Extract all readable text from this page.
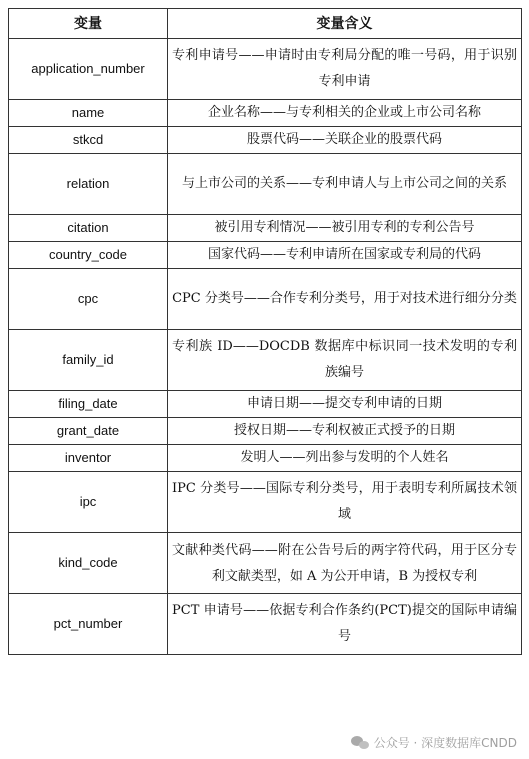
变量	变量含义
application_number	专利申请号——申请时由专利局分配的唯一号码，用于识别专利申请
name	企业名称——与专利相关的企业或上市公司名称
stkcd	股票代码——关联企业的股票代码
relation	与上市公司的关系——专利申请人与上市公司之间的关系
citation	被引用专利情况——被引用专利的专利公告号
country_code	国家代码——专利申请所在国家或专利局的代码
cpc	CPC 分类号——合作专利分类号，用于对技术进行细分分类
family_id	专利族 ID——DOCDB 数据库中标识同一技术发明的专利族编号
filing_date	申请日期——提交专利申请的日期
grant_date	授权日期——专利权被正式授予的日期
inventor	发明人——列出参与发明的个人姓名
ipc	IPC 分类号——国际专利分类号，用于表明专利所属技术领域
kind_code	文献种类代码——附在公告号后的两字符代码，用于区分专利文献类型，如 A 为公开申请，B 为授权专利

pct_number	PCT 申请号——依据专利合作条约(PCT)提交的国际申请编号
公众号 · 深度数据库CNDD
